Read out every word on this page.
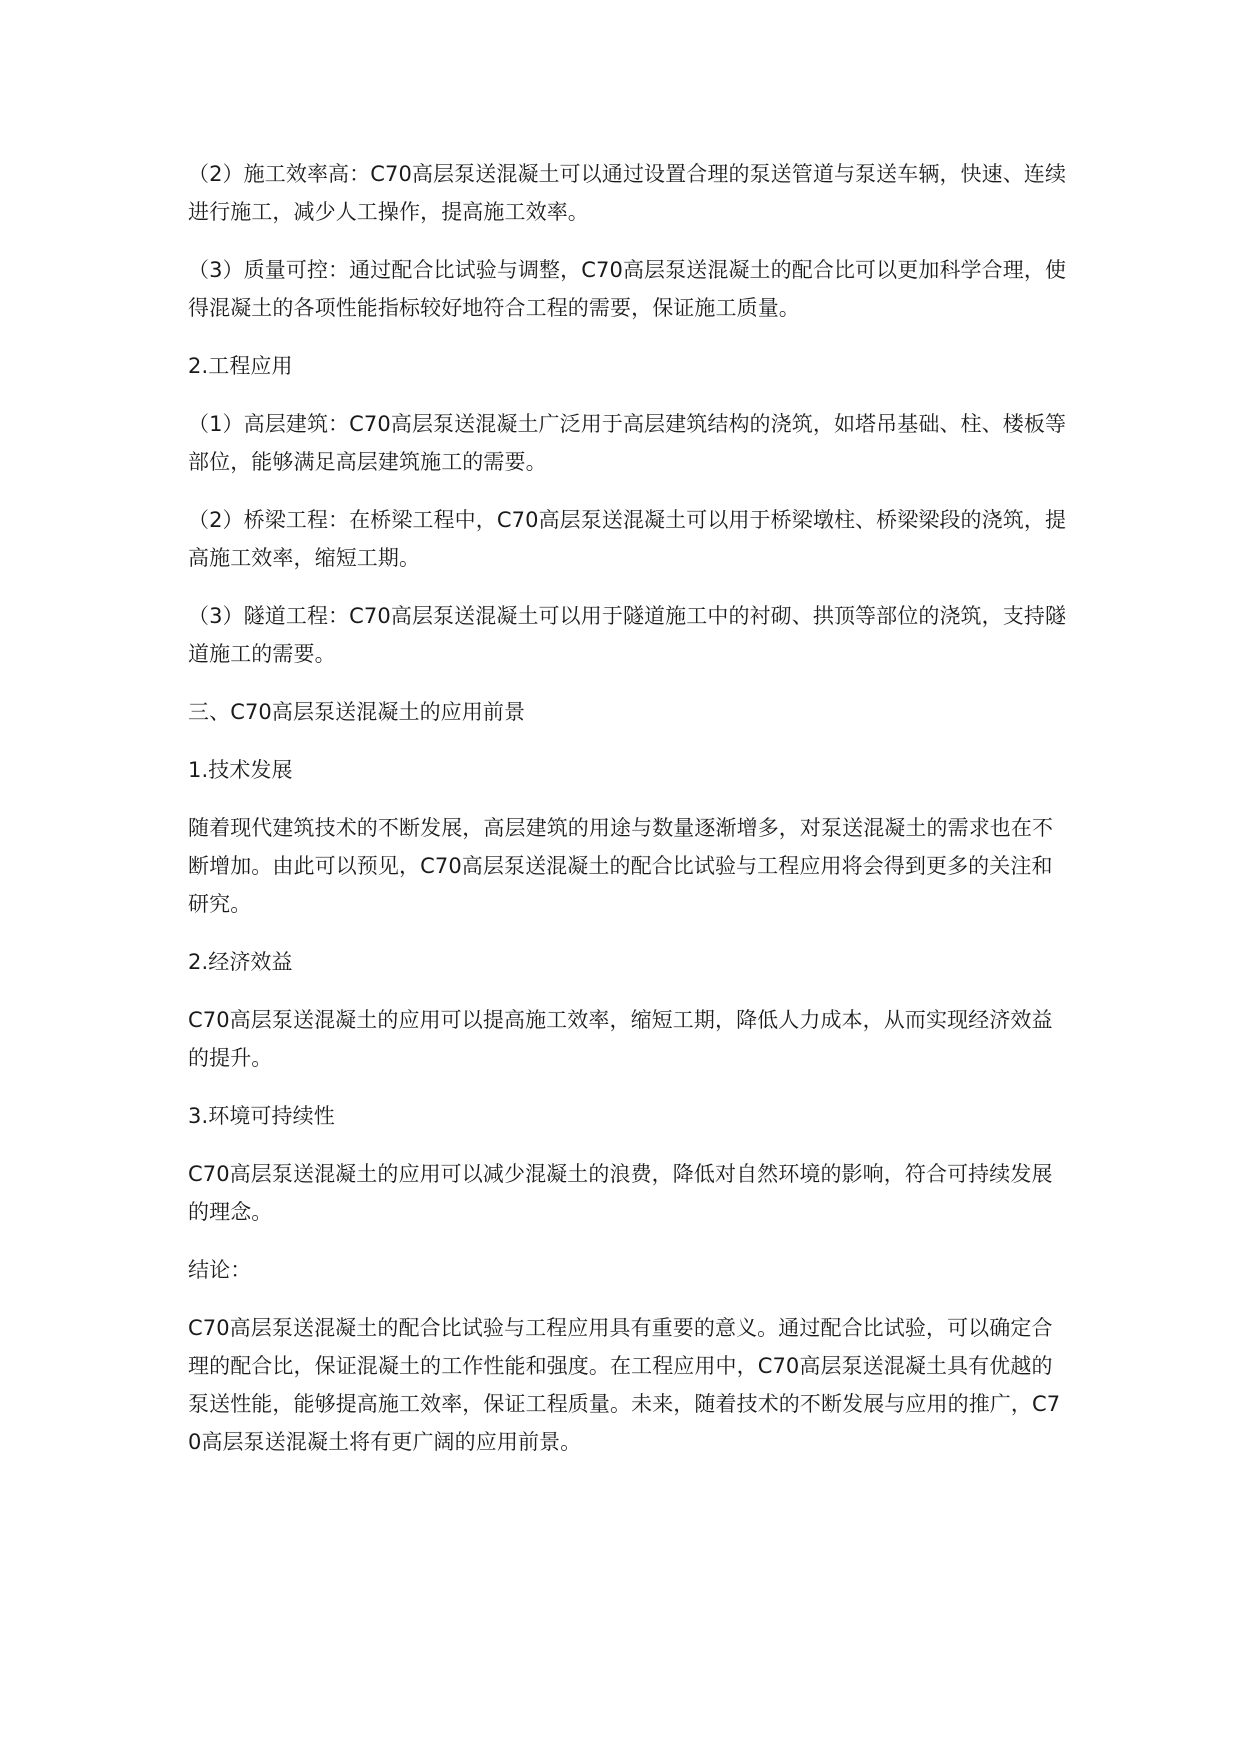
（2）施工效率高：C70高层泵送混凝土可以通过设置合理的泵送管道与泵送车辆，快速、连续进行施工，减少人工操作，提高施工效率。

（3）质量可控：通过配合比试验与调整，C70高层泵送混凝土的配合比可以更加科学合理，使得混凝土的各项性能指标较好地符合工程的需要，保证施工质量。

2.工程应用

（1）高层建筑：C70高层泵送混凝土广泛用于高层建筑结构的浇筑，如塔吊基础、柱、楼板等部位，能够满足高层建筑施工的需要。

（2）桥梁工程：在桥梁工程中，C70高层泵送混凝土可以用于桥梁墩柱、桥梁梁段的浇筑，提高施工效率，缩短工期。

（3）隧道工程：C70高层泵送混凝土可以用于隧道施工中的衬砌、拱顶等部位的浇筑，支持隧道施工的需要。

三、C70高层泵送混凝土的应用前景

1.技术发展

随着现代建筑技术的不断发展，高层建筑的用途与数量逐渐增多，对泵送混凝土的需求也在不断增加。由此可以预见，C70高层泵送混凝土的配合比试验与工程应用将会得到更多的关注和研究。

2.经济效益

C70高层泵送混凝土的应用可以提高施工效率，缩短工期，降低人力成本，从而实现经济效益的提升。

3.环境可持续性

C70高层泵送混凝土的应用可以减少混凝土的浪费，降低对自然环境的影响，符合可持续发展的理念。

结论：

C70高层泵送混凝土的配合比试验与工程应用具有重要的意义。通过配合比试验，可以确定合理的配合比，保证混凝土的工作性能和强度。在工程应用中，C70高层泵送混凝土具有优越的泵送性能，能够提高施工效率，保证工程质量。未来，随着技术的不断发展与应用的推广，C70高层泵送混凝土将有更广阔的应用前景。
